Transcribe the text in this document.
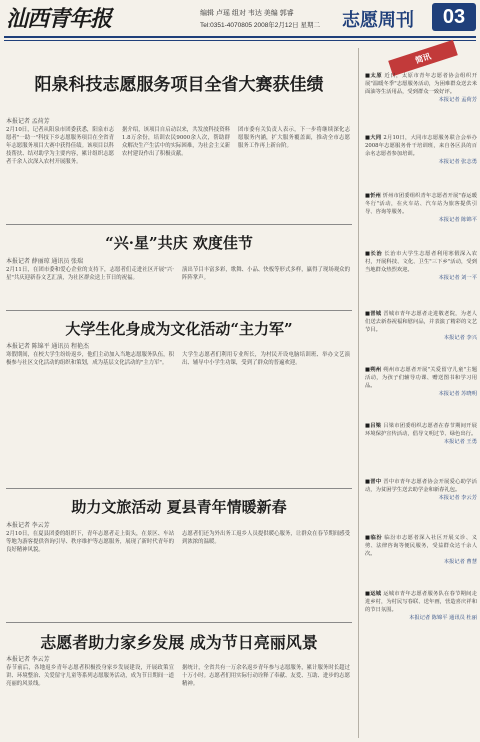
汕西青年报	编辑 卢瑶 组对 韦达 美编 郭睿
Tel:0351-4070805 2008年2月12日 星期二 志愿周刊	03
阳泉科技志愿服务项目全省大赛获佳绩
本报记者 孟荷芳
2月10日，记者从阳泉市团委获悉，阳泉市志愿者"一助一"科技下乡志愿服务项目在全省青年志愿服务项目大赛中获得佳绩。该项目以科技帮扶、结对助学为主要内容，累计组织志愿者千余人次深入农村开展服务。
据介绍，该项目自启动以来，共发放科技资料1.8万余份，培训农民9000余人次，帮助群众解决生产生活中的实际困难，为社会主义新农村建设作出了积极贡献。
团市委有关负责人表示，下一步将继续深化志愿服务内涵，扩大服务覆盖面，推动全市志愿服务工作再上新台阶。
“兴·星”共庆 欢度佳节
本报记者 薛丽琼 通讯员 张瑞
2月11日，在团市委和爱心企业的支持下，志愿者们走进社区开展"兴·星"共庆迎新春文艺汇演，为社区群众送上节日的祝福。
演出节目丰富多彩，歌舞、小品、快板等形式多样，赢得了现场观众的阵阵掌声。
大学生化身成为文化活动“主力军”
本报记者 陈锦平 通讯员 程艳杰
寒假期间，在校大学生纷纷返乡，他们主动加入当地志愿服务队伍，积极参与社区文化活动的组织和策划，成为基层文化活动的"主力军"。
大学生志愿者们利用专业所长，为村民开设电脑培训班、举办文艺演出、辅导中小学生功课，受到了群众的普遍欢迎。
助力文旅活动 夏县青年情暖新春
本报记者 李云芳
2月10日，在夏县团委的组织下，青年志愿者走上街头，在景区、车站等地为游客提供咨询引导、秩序维护等志愿服务，展现了新时代青年的良好精神风貌。
志愿者们还为外出务工返乡人员提供暖心服务，让群众在春节期间感受到浓浓的温暖。
志愿者助力家乡发展 成为节日亮丽风景
本报记者 李云芳
春节前后，各地返乡青年志愿者积极投身家乡发展建设，开展政策宣讲、环境整治、关爱留守儿童等系列志愿服务活动，成为节日期间一道亮丽的风景线。
据统计，全省共有一万余名返乡青年参与志愿服务，累计服务时长超过十万小时。志愿者们用实际行动诠释了奉献、友爱、互助、进步的志愿精神。
简讯
■太原 近日，太原市青年志愿者协会组织开展"温暖冬季"志愿服务活动，为困难群众送去米面油等生活用品，受到群众一致好评。
本报记者 孟荷芳
■大同 2月10日，大同市志愿服务联合会举办2008年志愿服务骨干培训班，来自各区县的百余名志愿者参加培训。
本报记者 张志勇
■忻州 忻州市团委组织青年志愿者开展"春运暖冬行"活动，在火车站、汽车站为旅客提供引导、咨询等服务。
本报记者 陈锦平
■长治 长治市大学生志愿者利用寒假深入农村，开展科技、文化、卫生"三下乡"活动，受到当地群众热烈欢迎。
本报记者 刘一平
■晋城 晋城市青年志愿者走进敬老院，为老人们送去新春祝福和慰问品，并表演了精彩的文艺节目。
本报记者 李兴
■朔州 朔州市志愿者开展"关爱留守儿童"主题活动，为孩子们辅导功课、赠送图书和学习用品。
本报记者 苏晓明
■吕梁 吕梁市团委组织志愿者在春节期间开展环境保护宣传活动，倡导文明过节、绿色出行。
本报记者 王勇
■晋中 晋中市青年志愿者协会开展爱心助学活动，为贫困学生送去助学金和新春礼包。
本报记者 李云芳
■临汾 临汾市志愿者深入社区开展义诊、义剪、法律咨询等便民服务，受益群众达千余人次。
本报记者 曹慧
■运城 运城市青年志愿者服务队在春节期间走进乡村，为村民写春联、送年画，营造喜庆祥和的节日氛围。
本报记者 陈锦平 通讯员 杜丽
